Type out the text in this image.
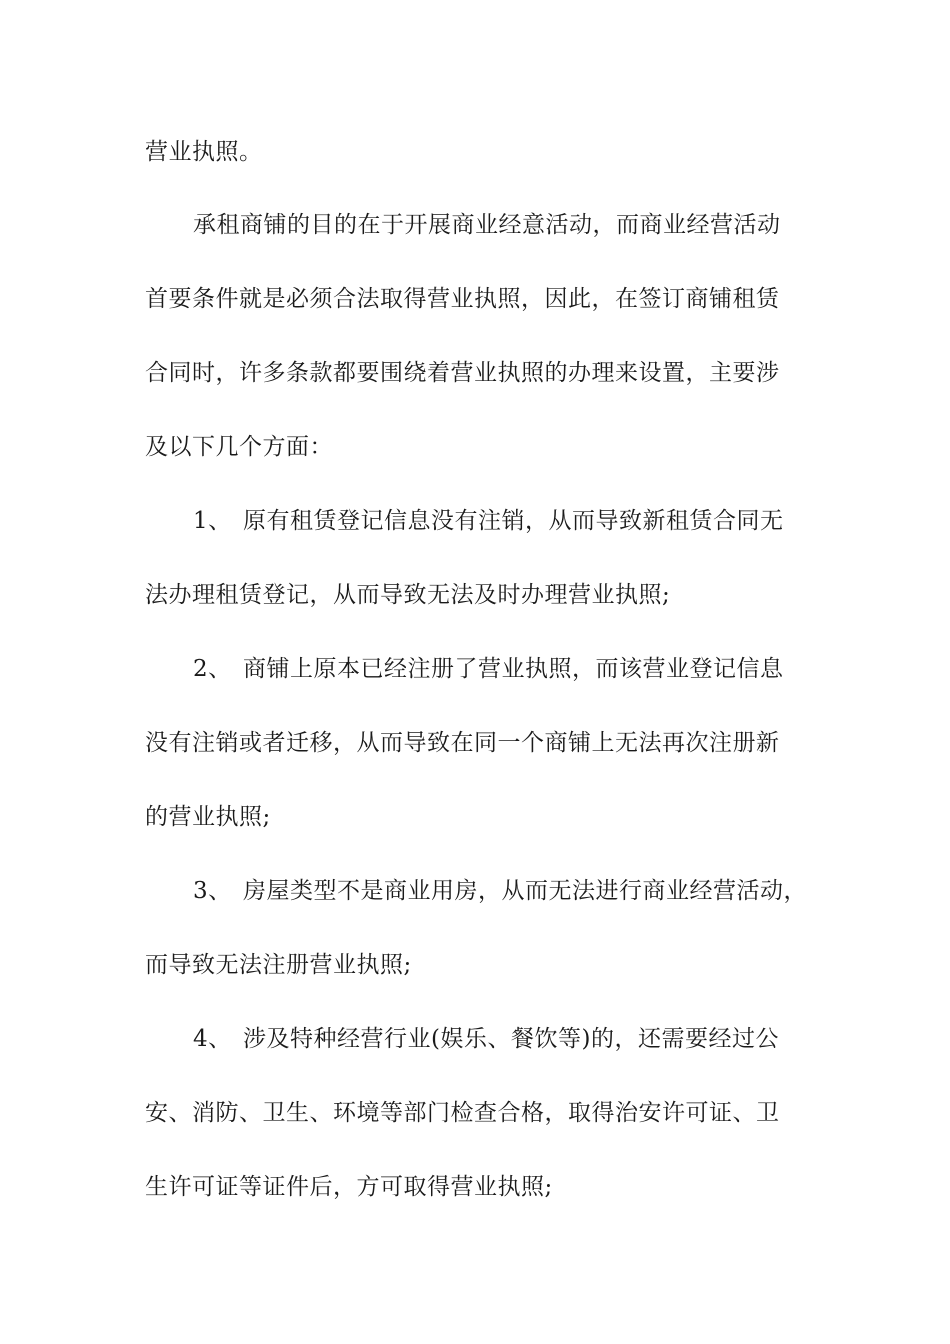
营业执照。
承租商铺的目的在于开展商业经意活动，而商业经营活动
首要条件就是必须合法取得营业执照，因此，在签订商铺租赁
合同时，许多条款都要围绕着营业执照的办理来设置，主要涉
及以下几个方面：
1、 原有租赁登记信息没有注销，从而导致新租赁合同无
法办理租赁登记，从而导致无法及时办理营业执照;
2、 商铺上原本已经注册了营业执照，而该营业登记信息
没有注销或者迁移，从而导致在同一个商铺上无法再次注册新
的营业执照;
3、 房屋类型不是商业用房，从而无法进行商业经营活动，
而导致无法注册营业执照;
4、 涉及特种经营行业(娱乐、餐饮等)的，还需要经过公
安、消防、卫生、环境等部门检查合格，取得治安许可证、卫
生许可证等证件后，方可取得营业执照;
